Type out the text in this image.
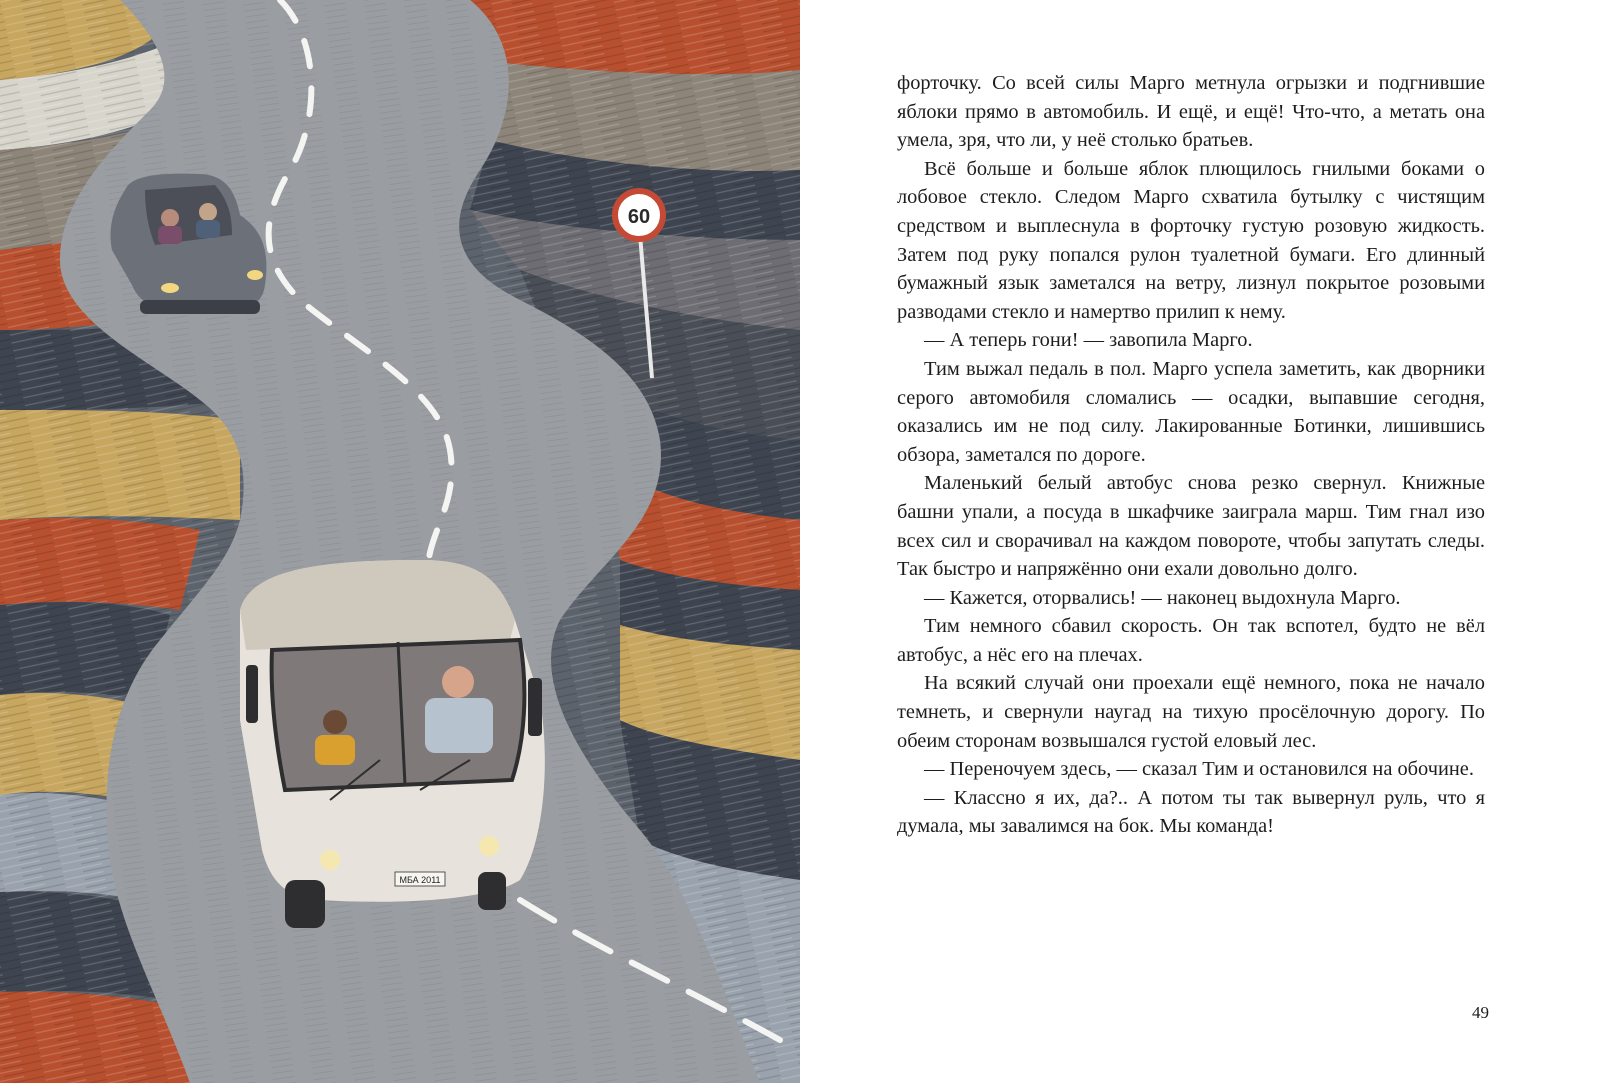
60
МБА 2011

форточку. Со всей силы Марго метнула огрызки и подгнившие яблоки прямо в автомобиль. И ещё, и ещё! Что-что, а метать она умела, зря, что ли, у неё столько братьев.

Всё больше и больше яблок плющилось гнилыми боками о лобовое стекло. Следом Марго схватила бутылку с чистящим средством и выплеснула в форточку густую розовую жидкость. Затем под руку попался рулон туалетной бумаги. Его длинный бумажный язык заметался на ветру, лизнул покрытое розовыми разводами стекло и намертво прилип к нему.

— А теперь гони! — завопила Марго.

Тим выжал педаль в пол. Марго успела заметить, как дворники серого автомобиля сломались — осадки, выпавшие сегодня, оказались им не под силу. Лакированные Ботинки, лишившись обзора, заметался по дороге.

Маленький белый автобус снова резко свернул. Книжные башни упали, а посуда в шкафчике заиграла марш. Тим гнал изо всех сил и сворачивал на каждом повороте, чтобы запутать следы. Так быстро и напряжённо они ехали довольно долго.

— Кажется, оторвались! — наконец выдохнула Марго.

Тим немного сбавил скорость. Он так вспотел, будто не вёл автобус, а нёс его на плечах.

На всякий случай они проехали ещё немного, пока не начало темнеть, и свернули наугад на тихую просёлочную дорогу. По обеим сторонам возвышался густой еловый лес.

— Переночуем здесь, — сказал Тим и остановился на обочине.

— Классно я их, да?.. А потом ты так вывернул руль, что я думала, мы завалимся на бок. Мы команда!

49
